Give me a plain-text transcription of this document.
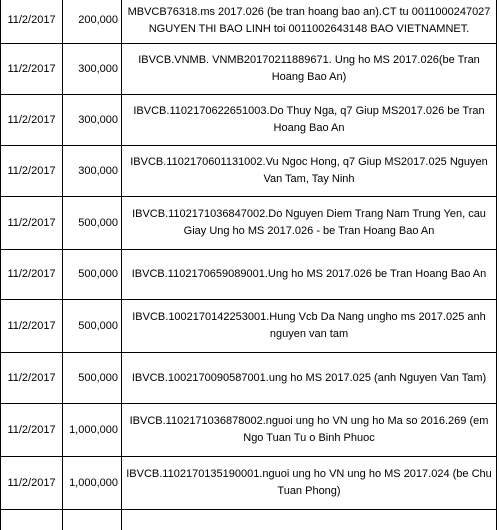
11/2/2017	200,000	MBVCB76318.ms 2017.026 (be tran hoang bao an).CT tu 0011000247027 NGUYEN THI BAO LINH toi 0011002643148 BAO VIETNAMNET.
11/2/2017	300,000	IBVCB.VNMB. VNMB20170211889671. Ung ho MS 2017.026(be Tran Hoang Bao An)
11/2/2017	300,000	IBVCB.1102170622651003.Do Thuy Nga, q7 Giup MS2017.026 be Tran Hoang Bao An
11/2/2017	300,000	IBVCB.1102170601131002.Vu Ngoc Hong, q7 Giup MS2017.025 Nguyen Van Tam, Tay Ninh
11/2/2017	500,000	IBVCB.1102171036847002.Do Nguyen Diem Trang Nam Trung Yen, cau Giay Ung ho MS 2017.026 - be Tran Hoang Bao An
11/2/2017	500,000	IBVCB.1102170659089001.Ung ho MS 2017.026 be Tran Hoang Bao An
11/2/2017	500,000	IBVCB.1002170142253001.Hung Vcb Da Nang ungho ms 2017.025 anh nguyen van tam
11/2/2017	500,000	IBVCB.1002170090587001.ung ho MS 2017.025 (anh Nguyen Van Tam)
11/2/2017	1,000,000	IBVCB.1102171036878002.nguoi ung ho VN ung ho Ma so 2016.269 (em Ngo Tuan Tu o Binh Phuoc
11/2/2017	1,000,000	IBVCB.1102170135190001.nguoi ung ho VN ung ho MS 2017.024 (be Chu Tuan Phong)
